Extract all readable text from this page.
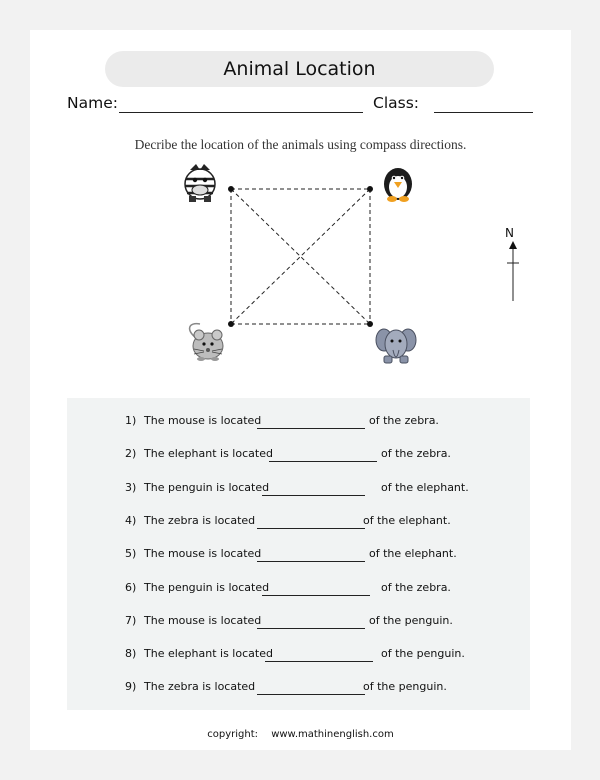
Animal Location
Name:	Class:
Decribe the location of the animals using compass directions.
N
1) The mouse is located	of the zebra.
2) The elephant is located	of the zebra.
3) The penguin is located	of the elephant.
4) The zebra is located	of the elephant.
5) The mouse is located	of the elephant.
6) The penguin is located	of the zebra.
7) The mouse is located	of the penguin.
8) The elephant is located	of the penguin.
9) The zebra is located	of the penguin.
copyright: www.mathinenglish.com
